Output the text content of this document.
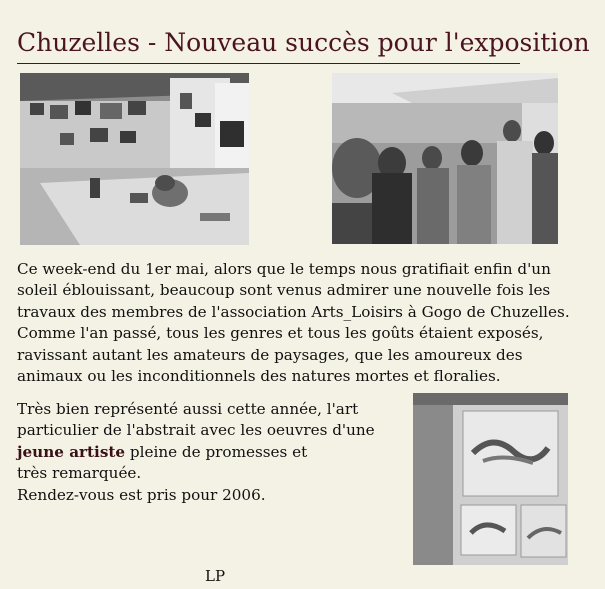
Chuzelles - Nouveau succès pour l'exposition

Ce week-end du 1er mai, alors que le temps nous gratifiait enfin d'un soleil éblouissant, beaucoup sont venus admirer une nouvelle fois les travaux des membres de l'association Arts_Loisirs à Gogo de Chuzelles. Comme l'an passé, tous les genres et tous les goûts étaient exposés, ravissant autant les amateurs de paysages, que les amoureux des animaux ou les inconditionnels des natures mortes et floralies.

Très bien représenté aussi cette année, l'art
particulier de l'abstrait avec les oeuvres d'une
jeune artiste pleine de promesses et
très remarquée.
Rendez-vous est pris pour 2006.

LP
